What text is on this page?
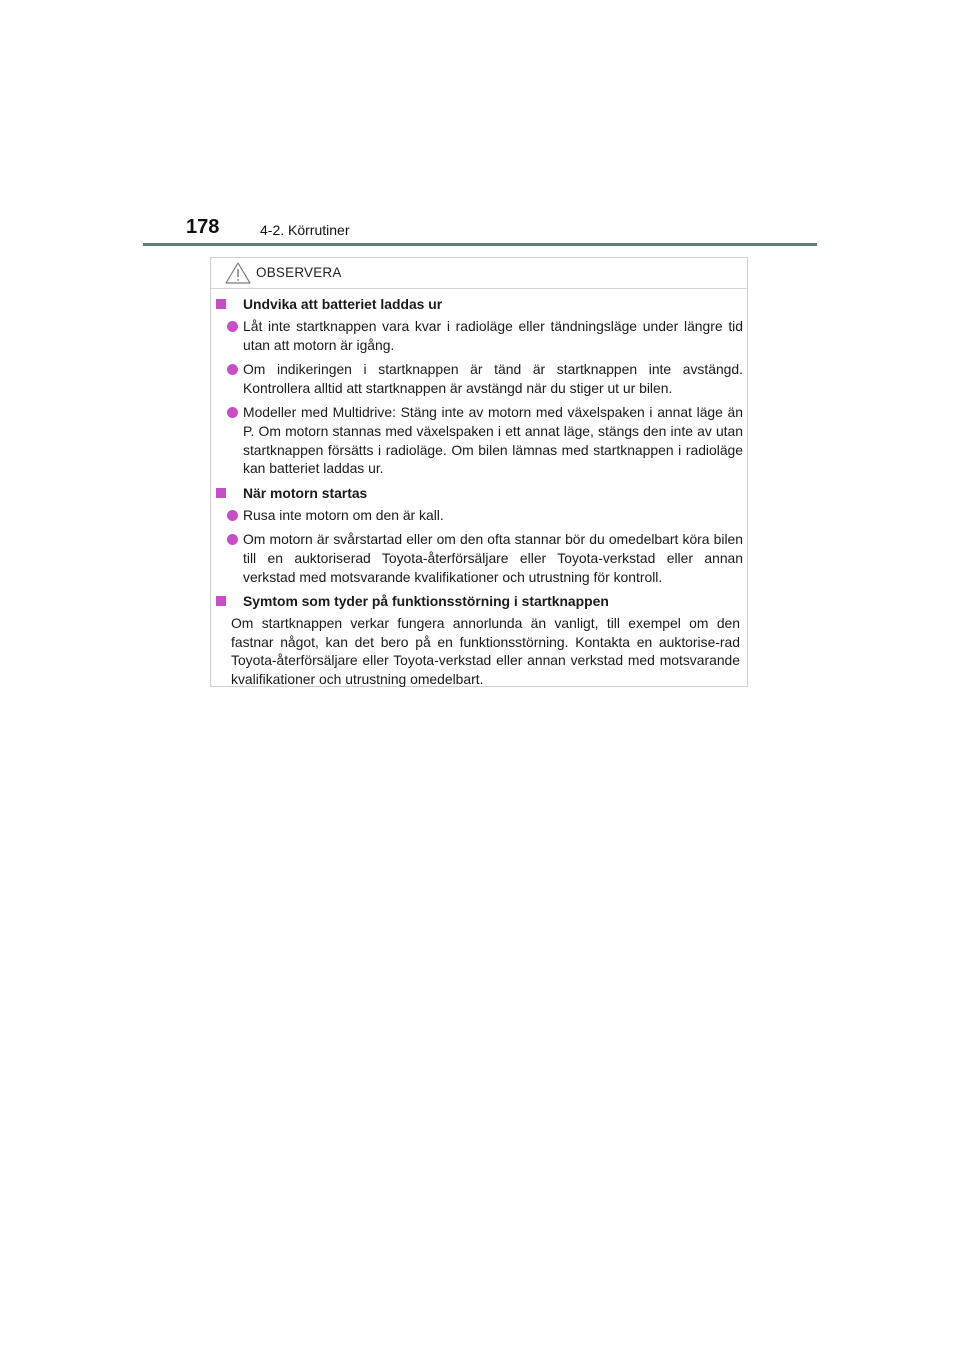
178	4-2. Körrutiner
OBSERVERA
Undvika att batteriet laddas ur
Låt inte startknappen vara kvar i radioläge eller tändningsläge under längre tid utan att motorn är igång.
Om indikeringen i startknappen är tänd är startknappen inte avstängd. Kontrollera alltid att startknappen är avstängd när du stiger ut ur bilen.
Modeller med Multidrive: Stäng inte av motorn med växelspaken i annat läge än P. Om motorn stannas med växelspaken i ett annat läge, stängs den inte av utan startknappen försätts i radioläge. Om bilen lämnas med startknappen i radioläge kan batteriet laddas ur.
När motorn startas
Rusa inte motorn om den är kall.
Om motorn är svårstartad eller om den ofta stannar bör du omedelbart köra bilen till en auktoriserad Toyota-återförsäljare eller Toyota-verkstad eller annan verkstad med motsvarande kvalifikationer och utrustning för kontroll.
Symtom som tyder på funktionsstörning i startknappen
Om startknappen verkar fungera annorlunda än vanligt, till exempel om den fastnar något, kan det bero på en funktionsstörning. Kontakta en auktorise-rad Toyota-återförsäljare eller Toyota-verkstad eller annan verkstad med motsvarande kvalifikationer och utrustning omedelbart.
